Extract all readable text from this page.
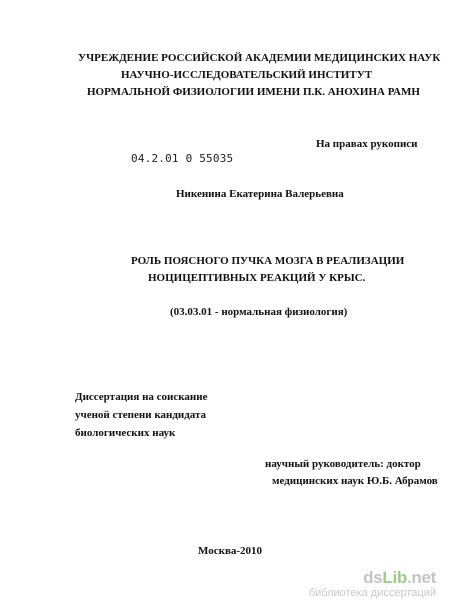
УЧРЕЖДЕНИЕ РОССИЙСКОЙ АКАДЕМИИ МЕДИЦИНСКИХ НАУК
НАУЧНО-ИССЛЕДОВАТЕЛЬСКИЙ ИНСТИТУТ
НОРМАЛЬНОЙ ФИЗИОЛОГИИ ИМЕНИ П.К. АНОХИНА РАМН
На правах рукописи
04.2.01 0 55035
Никенина Екатерина Валерьевна
РОЛЬ ПОЯСНОГО ПУЧКА МОЗГА В РЕАЛИЗАЦИИ
НОЦИЦЕПТИВНЫХ РЕАКЦИЙ У КРЫС.
(03.03.01 - нормальная физиология)
Диссертация на соискание
ученой степени кандидата
биологических наук
научный руководитель: доктор
медицинских наук Ю.Б. Абрамов
Москва-2010
dsLib.net
библиотека диссертаций
